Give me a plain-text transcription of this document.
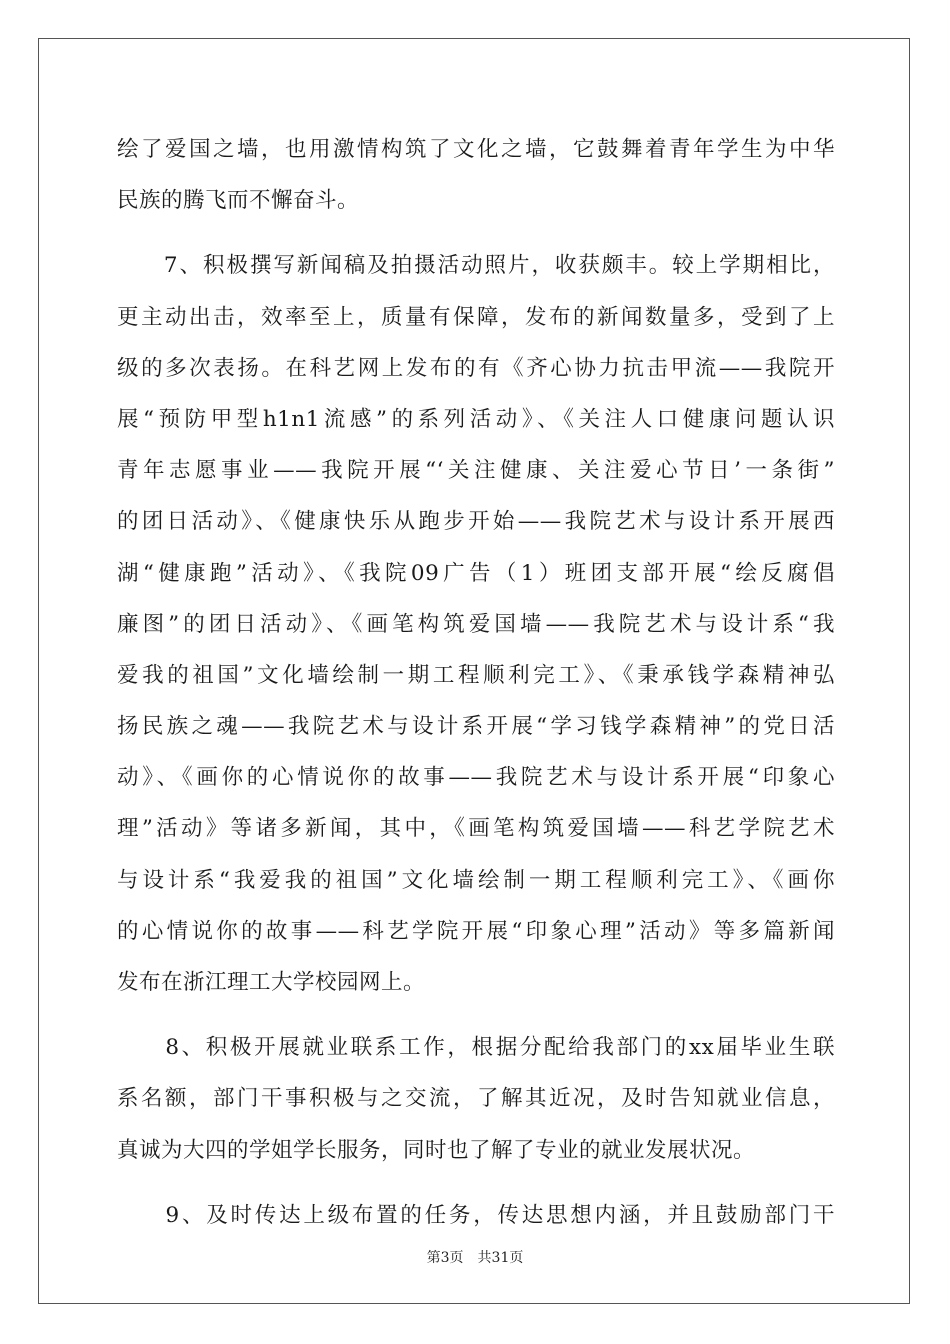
绘了爱国之墙，也用激情构筑了文化之墙，它鼓舞着青年学生为中华
民族的腾飞而不懈奋斗。
　　7、积极撰写新闻稿及拍摄活动照片，收获颇丰。较上学期相比，
更主动出击，效率至上，质量有保障，发布的新闻数量多，受到了上
级的多次表扬。在科艺网上发布的有《齐心协力抗击甲流——我院开
展“预防甲型h1n1流感”的系列活动》、《关注人口健康问题认识
青年志愿事业——我院开展“‘关注健康、关注爱心节日’一条街”
的团日活动》、《健康快乐从跑步开始——我院艺术与设计系开展西
湖“健康跑”活动》、《我院09广告（1）班团支部开展“绘反腐倡
廉图”的团日活动》、《画笔构筑爱国墙——我院艺术与设计系“我
爱我的祖国”文化墙绘制一期工程顺利完工》、《秉承钱学森精神弘
扬民族之魂——我院艺术与设计系开展“学习钱学森精神”的党日活
动》、《画你的心情说你的故事——我院艺术与设计系开展“印象心
理”活动》等诸多新闻，其中，《画笔构筑爱国墙——科艺学院艺术
与设计系“我爱我的祖国”文化墙绘制一期工程顺利完工》、《画你
的心情说你的故事——科艺学院开展“印象心理”活动》等多篇新闻
发布在浙江理工大学校园网上。
　　8、积极开展就业联系工作，根据分配给我部门的xx届毕业生联
系名额，部门干事积极与之交流，了解其近况，及时告知就业信息，
真诚为大四的学姐学长服务，同时也了解了专业的就业发展状况。
　　9、及时传达上级布置的任务，传达思想内涵，并且鼓励部门干
第3页　共31页
